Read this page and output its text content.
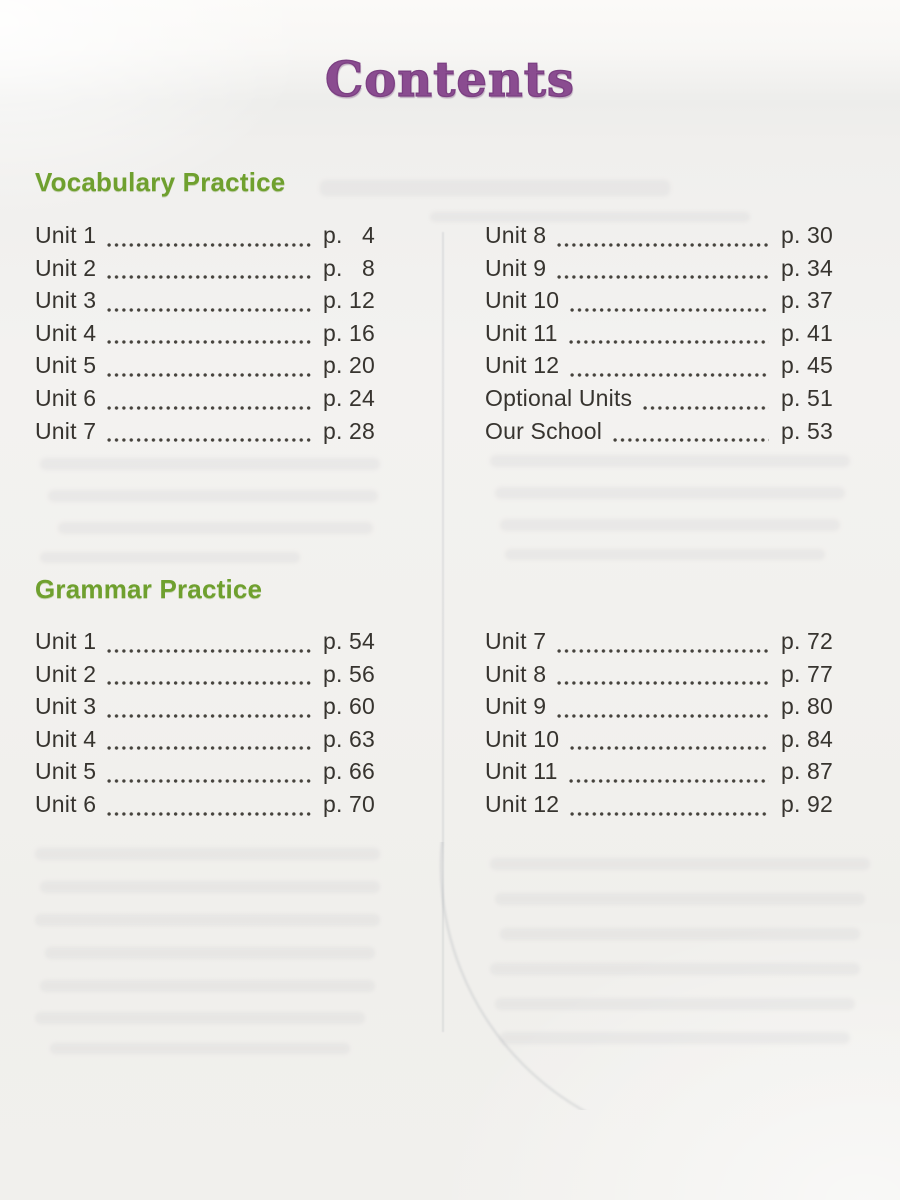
Contents
Vocabulary Practice
Unit 1	p. 4
Unit 2	p. 8
Unit 3	p. 12
Unit 4	p. 16
Unit 5	p. 20
Unit 6	p. 24
Unit 7	p. 28
Unit 8	p. 30
Unit 9	p. 34
Unit 10	p. 37
Unit 11	p. 41
Unit 12	p. 45
Optional Units	p. 51
Our School	p. 53
Grammar Practice
Unit 1	p. 54
Unit 2	p. 56
Unit 3	p. 60
Unit 4	p. 63
Unit 5	p. 66
Unit 6	p. 70
Unit 7	p. 72
Unit 8	p. 77
Unit 9	p. 80
Unit 10	p. 84
Unit 11	p. 87
Unit 12	p. 92
